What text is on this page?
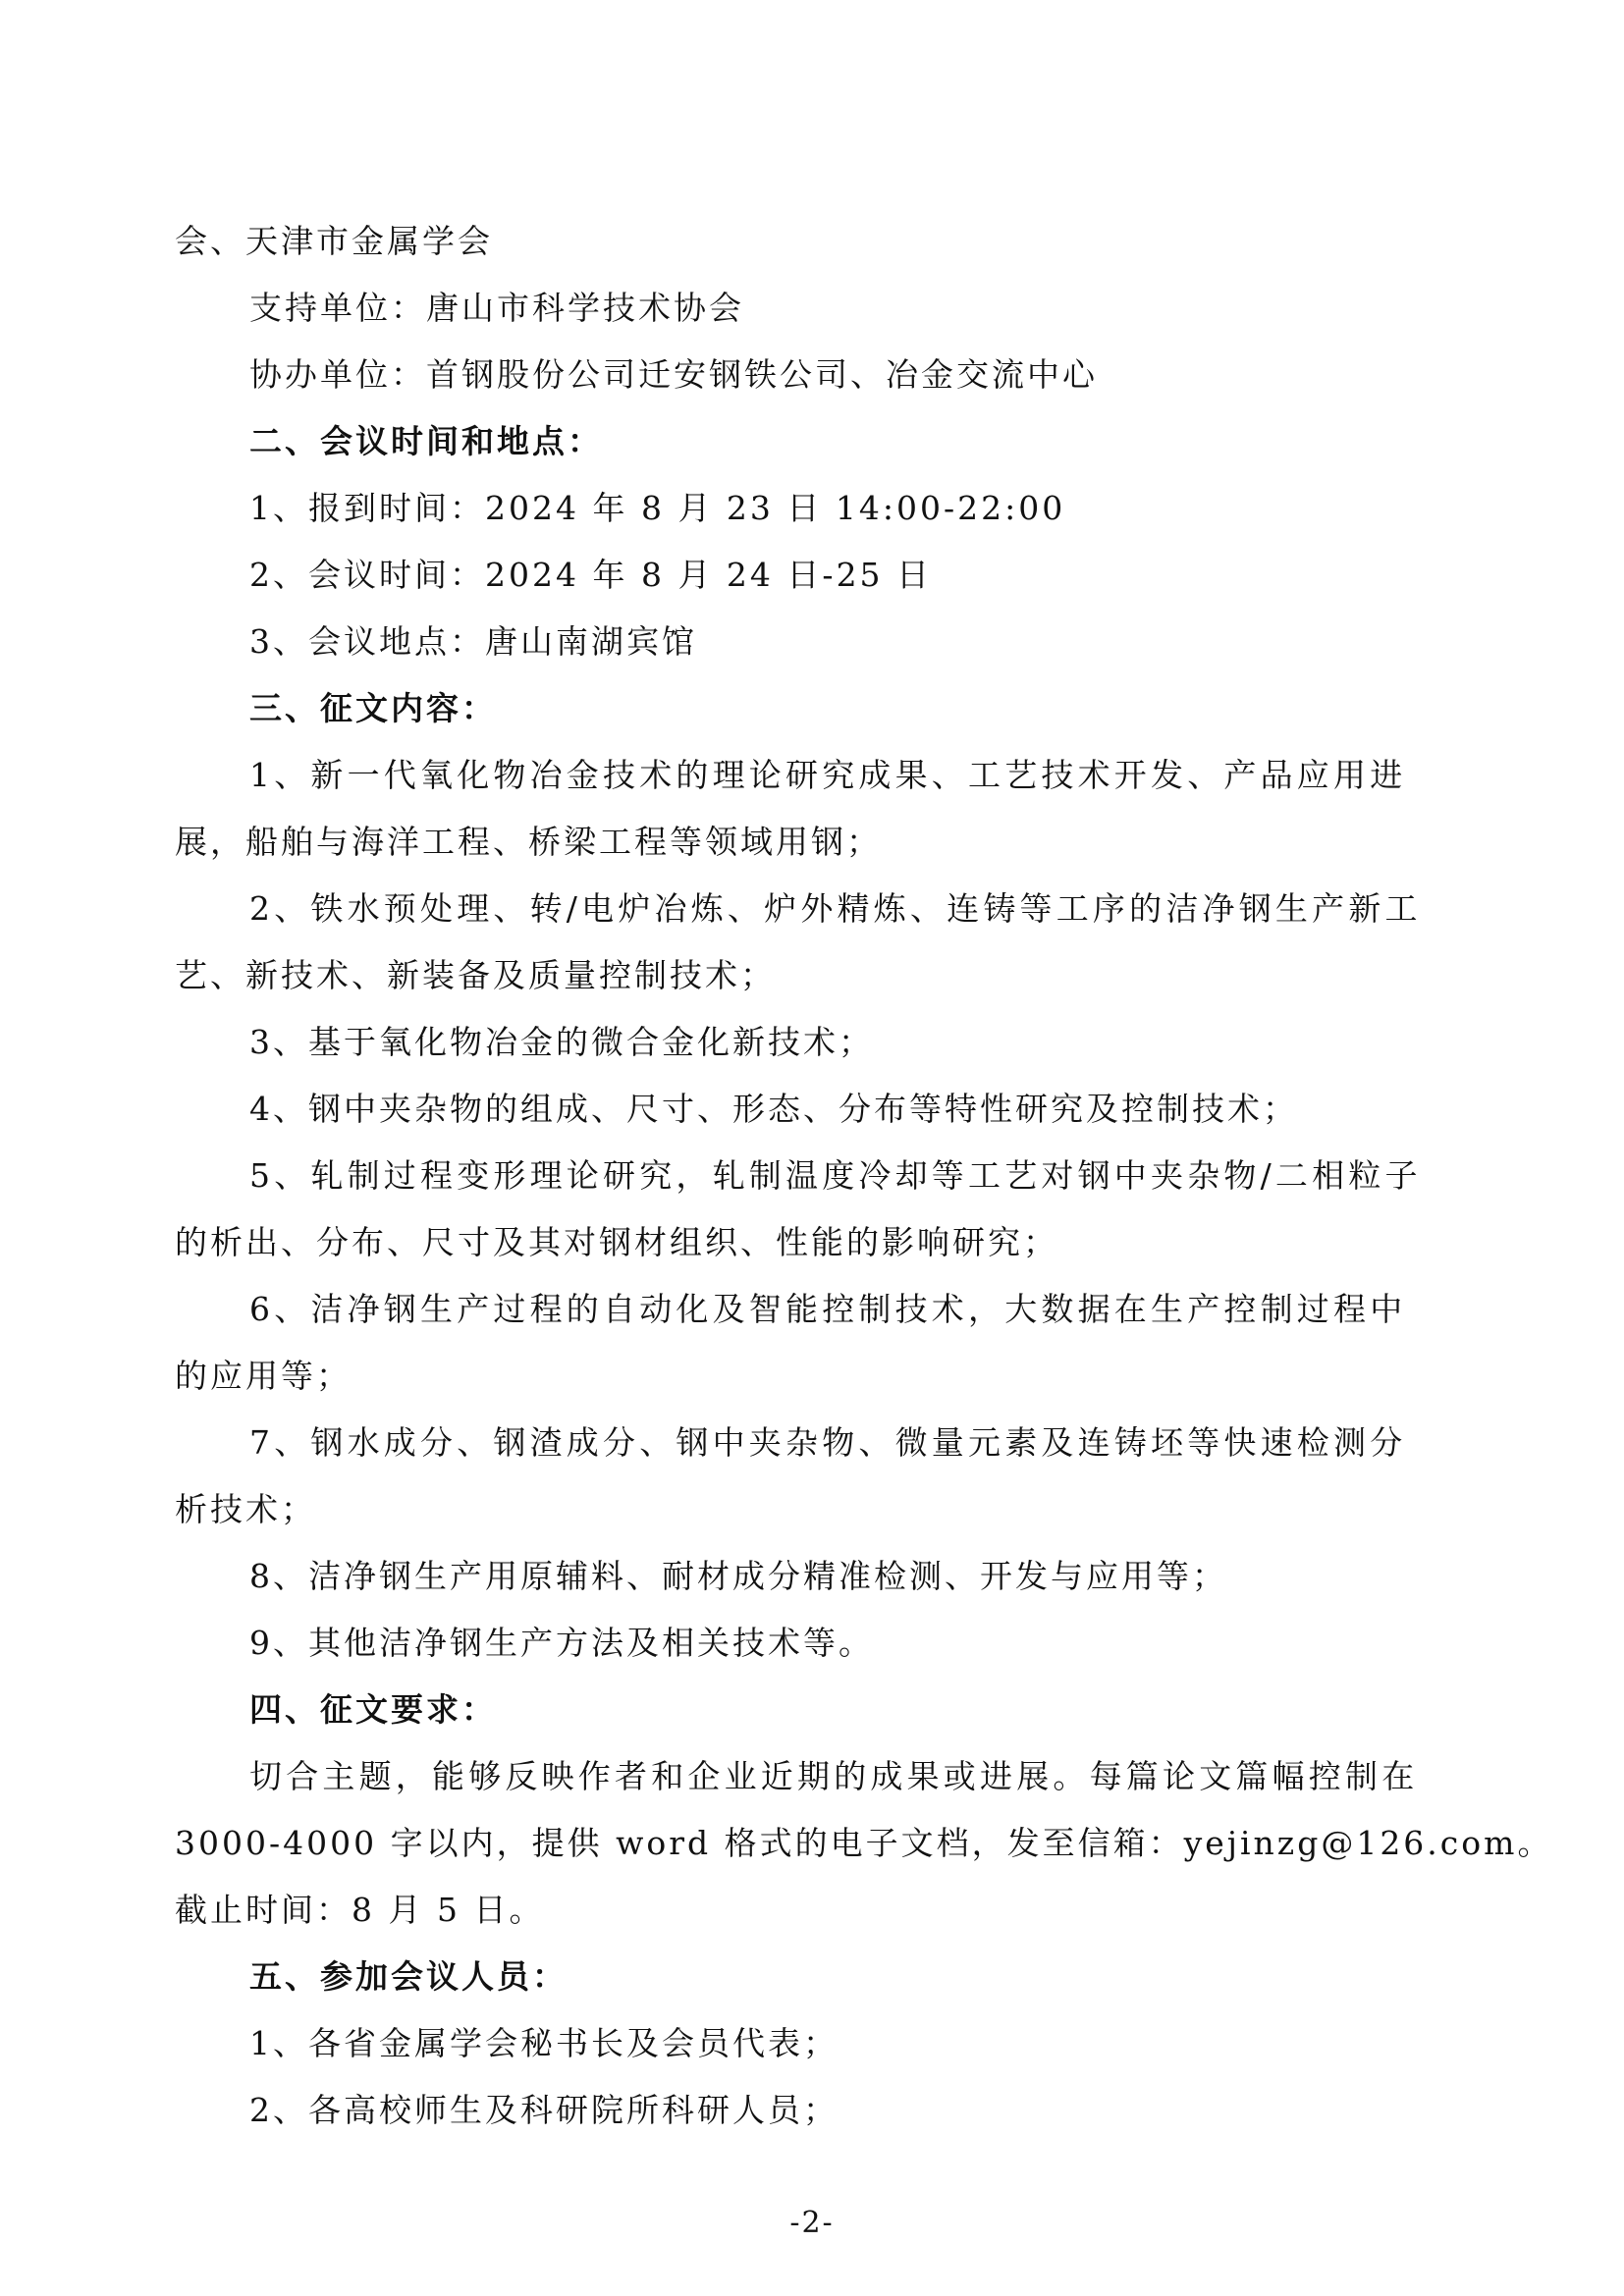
会、天津市金属学会
支持单位：唐山市科学技术协会
协办单位：首钢股份公司迁安钢铁公司、冶金交流中心
二、会议时间和地点：
1、报到时间：2024 年 8 月 23 日 14:00-22:00
2、会议时间：2024 年 8 月 24 日-25 日
3、会议地点：唐山南湖宾馆
三、征文内容：
1、新一代氧化物冶金技术的理论研究成果、工艺技术开发、产品应用进
展，船舶与海洋工程、桥梁工程等领域用钢；
2、铁水预处理、转/电炉冶炼、炉外精炼、连铸等工序的洁净钢生产新工
艺、新技术、新装备及质量控制技术；
3、基于氧化物冶金的微合金化新技术；
4、钢中夹杂物的组成、尺寸、形态、分布等特性研究及控制技术；
5、轧制过程变形理论研究，轧制温度冷却等工艺对钢中夹杂物/二相粒子
的析出、分布、尺寸及其对钢材组织、性能的影响研究；
6、洁净钢生产过程的自动化及智能控制技术，大数据在生产控制过程中
的应用等；
7、钢水成分、钢渣成分、钢中夹杂物、微量元素及连铸坯等快速检测分
析技术；
8、洁净钢生产用原辅料、耐材成分精准检测、开发与应用等；
9、其他洁净钢生产方法及相关技术等。
四、征文要求：
切合主题，能够反映作者和企业近期的成果或进展。每篇论文篇幅控制在
3000-4000 字以内，提供 word 格式的电子文档，发至信箱：yejinzg@126.com。
截止时间：8 月 5 日。
五、参加会议人员：
1、各省金属学会秘书长及会员代表；
2、各高校师生及科研院所科研人员；
-2-
